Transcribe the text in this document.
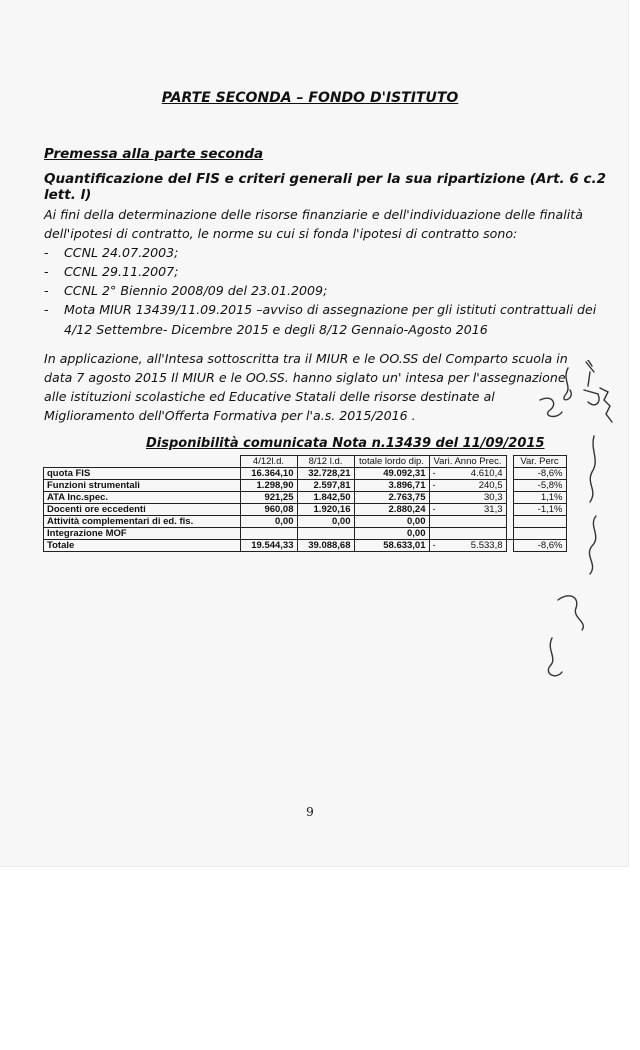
PARTE SECONDA – FONDO D'ISTITUTO
Premessa alla parte seconda
Quantificazione del FIS e criteri generali per la sua ripartizione (Art. 6 c.2 lett. l)
Ai fini della determinazione delle risorse finanziarie e dell'individuazione delle finalità dell'ipotesi di contratto, le norme su cui si fonda l'ipotesi di contratto sono:
- CCNL 24.07.2003;
- CCNL 29.11.2007;
- CCNL 2° Biennio 2008/09 del 23.01.2009;
- Mota MIUR 13439/11.09.2015 –avviso di assegnazione per gli istituti contrattuali dei
4/12 Settembre- Dicembre 2015 e degli 8/12 Gennaio-Agosto 2016
In applicazione, all'Intesa sottoscritta tra il MIUR e le OO.SS del Comparto scuola in data 7 agosto 2015 Il MIUR e le OO.SS. hanno siglato un' intesa per l'assegnazione alle istituzioni scolastiche ed Educative Statali delle risorse destinate al Miglioramento dell'Offerta Formativa per l'a.s. 2015/2016 .
Disponibilità comunicata Nota n.13439 del 11/09/2015
	4/12l.d.	8/12 l.d.	totale lordo dip.	Vari. Anno Prec.			Var. Perc
quota FIS	16.364,10	32.728,21	49.092,31	-	4.610,4		-8,6%
Funzioni strumentali	1.298,90	2.597,81	3.896,71	-	240,5		-5,8%
ATA Inc.spec.	921,25	1.842,50	2.763,75		30,3		1,1%
Docenti ore eccedenti	960,08	1.920,16	2.880,24	-	31,3		-1,1%
Attività complementari di ed. fis.	0,00	0,00	0,00				
Integrazione MOF			0,00				
Totale	19.544,33	39.088,68	58.633,01	-	5.533,8		-8,6%
9
